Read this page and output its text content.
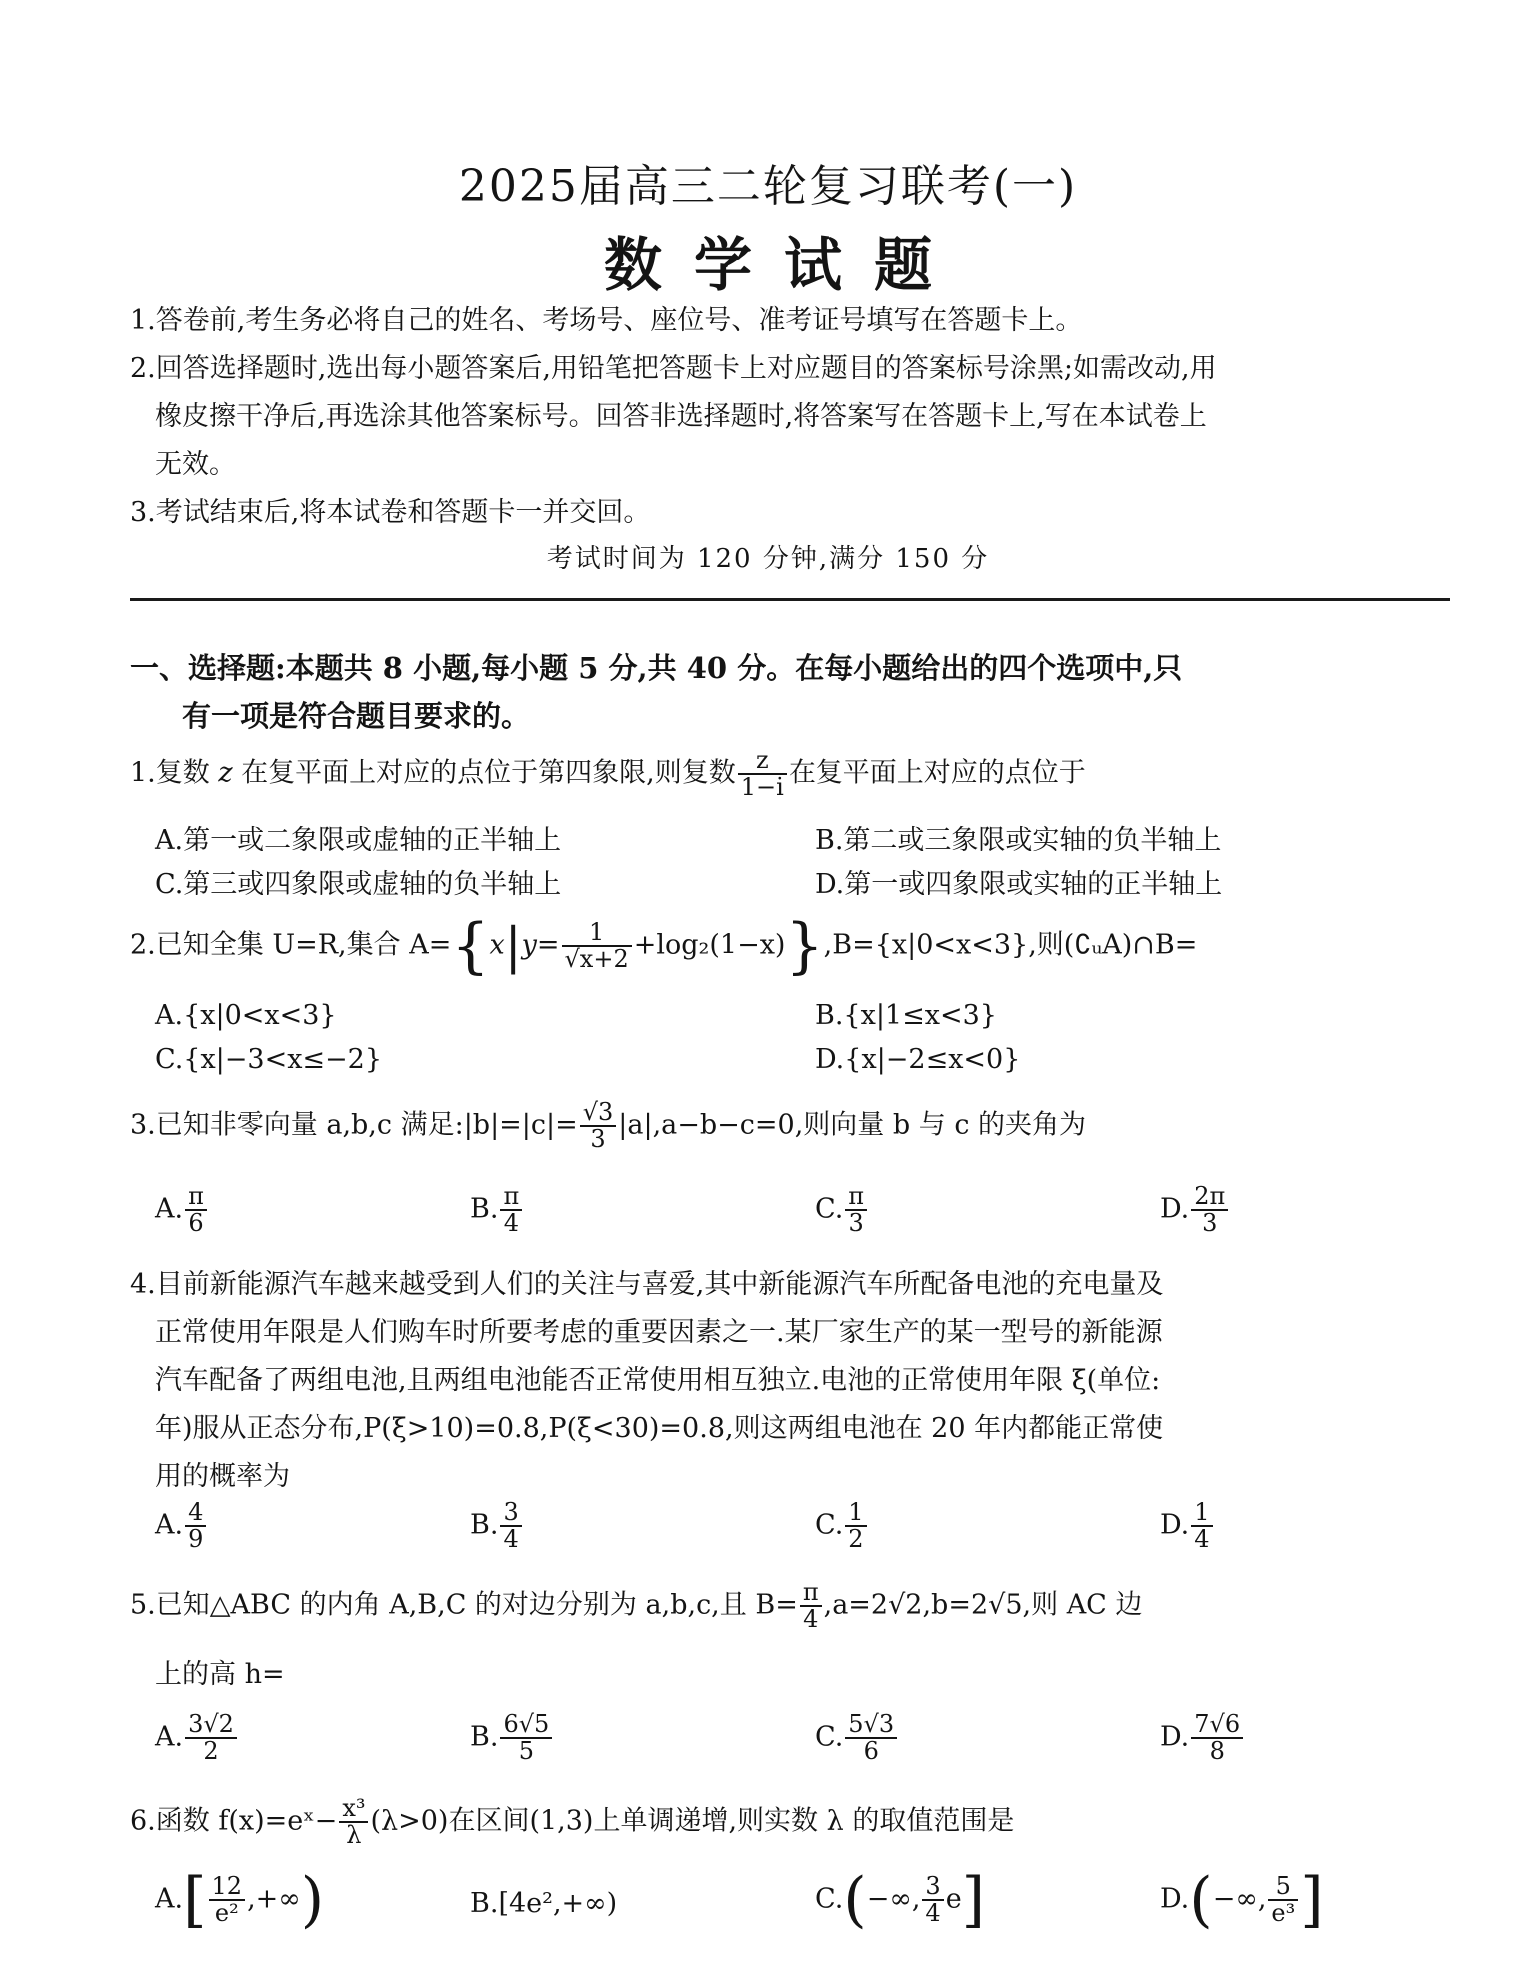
2025届高三二轮复习联考(一)
数学试题
1.答卷前,考生务必将自己的姓名、考场号、座位号、准考证号填写在答题卡上。
2.回答选择题时,选出每小题答案后,用铅笔把答题卡上对应题目的答案标号涂黑;如需改动,用
橡皮擦干净后,再选涂其他答案标号。回答非选择题时,将答案写在答题卡上,写在本试卷上
无效。
3.考试结束后,将本试卷和答题卡一并交回。
考试时间为 120 分钟,满分 150 分
一、选择题:本题共 8 小题,每小题 5 分,共 40 分。在每小题给出的四个选项中,只
有一项是符合题目要求的。
1.复数 z 在复平面上对应的点位于第四象限,则复数 $\frac{z}{1-i}$ 在复平面上对应的点位于
A.第一或二象限或虚轴的正半轴上	B.第二或三象限或实轴的负半轴上
C.第三或四象限或虚轴的负半轴上	D.第一或四象限或实轴的正半轴上
2.已知全集 U=R,集合 $A=\{x|y= \frac{1}{√x+2} +\log_2(1-x)\},B=\{x|0<x<3\}$,则(∁ᵤA)∩B=
A.{x|0<x<3}	B.{x|1≤x<3}
C.{x|−3<x≤−2}	D.{x|−2≤x<0}
3.已知非零向量 a,b,c 满足:|b|=|c|= $\frac{√3}{3} |a|,a-b-c=0$,则向量 b 与 c 的夹角为
A. $\frac{\pi}{6}$	B. $\frac{\pi}{4}$	C. $\frac{\pi}{3}$	D. $\frac{2\pi}{3}$
4.目前新能源汽车越来越受到人们的关注与喜爱,其中新能源汽车所配备电池的充电量及
正常使用年限是人们购车时所要考虑的重要因素之一.某厂家生产的某一型号的新能源
汽车配备了两组电池,且两组电池能否正常使用相互独立.电池的正常使用年限 ξ(单位:
年)服从正态分布,P(ξ>10)=0.8,P(ξ<30)=0.8,则这两组电池在 20 年内都能正常使
用的概率为
A. $\frac{4}{9}$	B. $\frac{3}{4}$	C. $\frac{1}{2}$	D. $\frac{1}{4}$
5.已知△ABC 的内角 A,B,C 的对边分别为 a,b,c,且 $B= \frac{\pi}{4} ,a=2√2,b=2√5$,则 AC 边
上的高 h=
A. $\frac{3√2}{2}$	B. $\frac{6√5}{5}$	C. $\frac{5√3}{6}$	D. $\frac{7√6}{8}$
6.函数 f(x)=eˣ− $\frac{\text{x³}}{\lambda} (\lambda>0)$在区间(1,3)上单调递增,则实数 λ 的取值范围是
$A.[ \frac{12}{\text{e²}}$ ,+∞)	B.[4e²,+∞)	C.(−∞, $\frac{3}{4} e$]	D.(−∞, $\frac{5}{\text{e³}}$ ]
